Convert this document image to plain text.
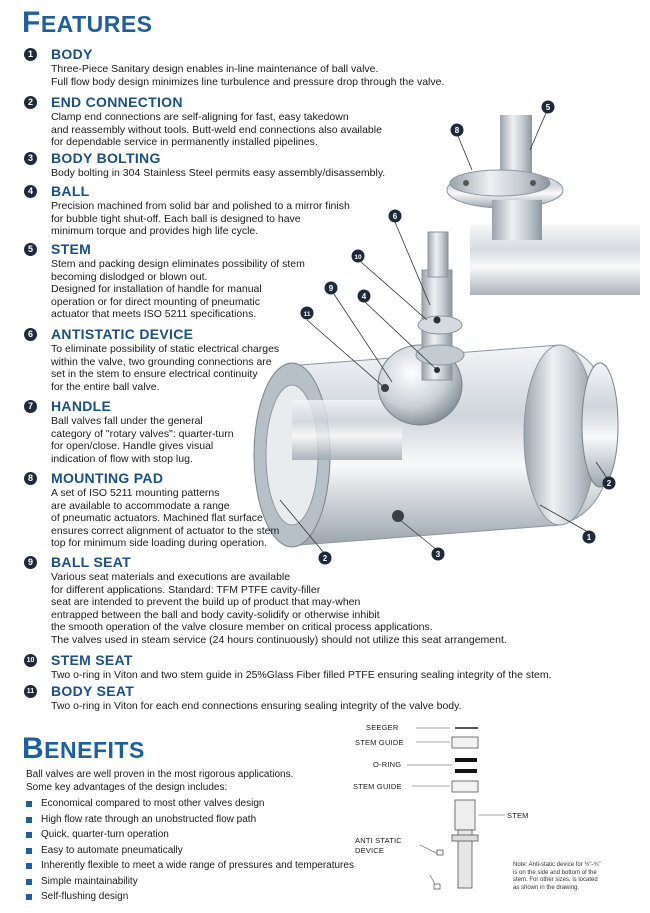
FEATURES
5
8
6
10
9
4
11
2
1
3
2
1 BODY
Three-Piece Sanitary design enables in-line maintenance of ball valve.
Full flow body design minimizes line turbulence and pressure drop through the valve.
2 END CONNECTION
Clamp end connections are self-aligning for fast, easy takedown
and reassembly without tools. Butt-weld end connections also available
for dependable service in permanently installed pipelines.
3 BODY BOLTING
Body bolting in 304 Stainless Steel permits easy assembly/disassembly.
4 BALL
Precision machined from solid bar and polished to a mirror finish
for bubble tight shut-off. Each ball is designed to have
minimum torque and provides high life cycle.
5 STEM
Stem and packing design eliminates possibility of stem
becoming dislodged or blown out.
Designed for installation of handle for manual
operation or for direct mounting of pneumatic
actuator that meets ISO 5211 specifications.
6 ANTISTATIC DEVICE
To eliminate possibility of static electrical charges
within the valve, two grounding connections are
set in the stem to ensure electrical continuity
for the entire ball valve.
7 HANDLE
Ball valves fall under the general
category of "rotary valves": quarter-turn
for open/close. Handle gives visual
indication of flow with stop lug.
8 MOUNTING PAD
A set of ISO 5211 mounting patterns
are available to accommodate a range
of pneumatic actuators. Machined flat surface
ensures correct alignment of actuator to the stem
top for minimum side loading during operation.
9 BALL SEAT
Various seat materials and executions are available
for different applications. Standard: TFM PTFE cavity-filler
seat are intended to prevent the build up of product that may-when
entrapped between the ball and body cavity-solidify or otherwise inhibit
the smooth operation of the valve closure member on critical process applications.
The valves used in steam service (24 hours continuously) should not utilize this seat arrangement.
10 STEM SEAT
Two o-ring in Viton and two stem guide in 25%Glass Fiber filled PTFE ensuring sealing integrity of the stem.
11 BODY SEAT
Two o-ring in Viton for each end connections ensuring sealing integrity of the valve body.
BENEFITS
Ball valves are well proven in the most rigorous applications.
Some key advantages of the design includes:
Economical compared to most other valves design
High flow rate through an unobstructed flow path
Quick, quarter-turn operation
Easy to automate pneumatically
Inherently flexible to meet a wide range of pressures and temperatures
Simple maintainability
Self-flushing design
SEEGER
STEM GUIDE
O-RING
STEM GUIDE
STEM
ANTI STATIC
DEVICE
Note: Anti-static device for ½"-¾"
is on the side and bottom of the
stem. For other sizes, is located
as shown in the drawing.
